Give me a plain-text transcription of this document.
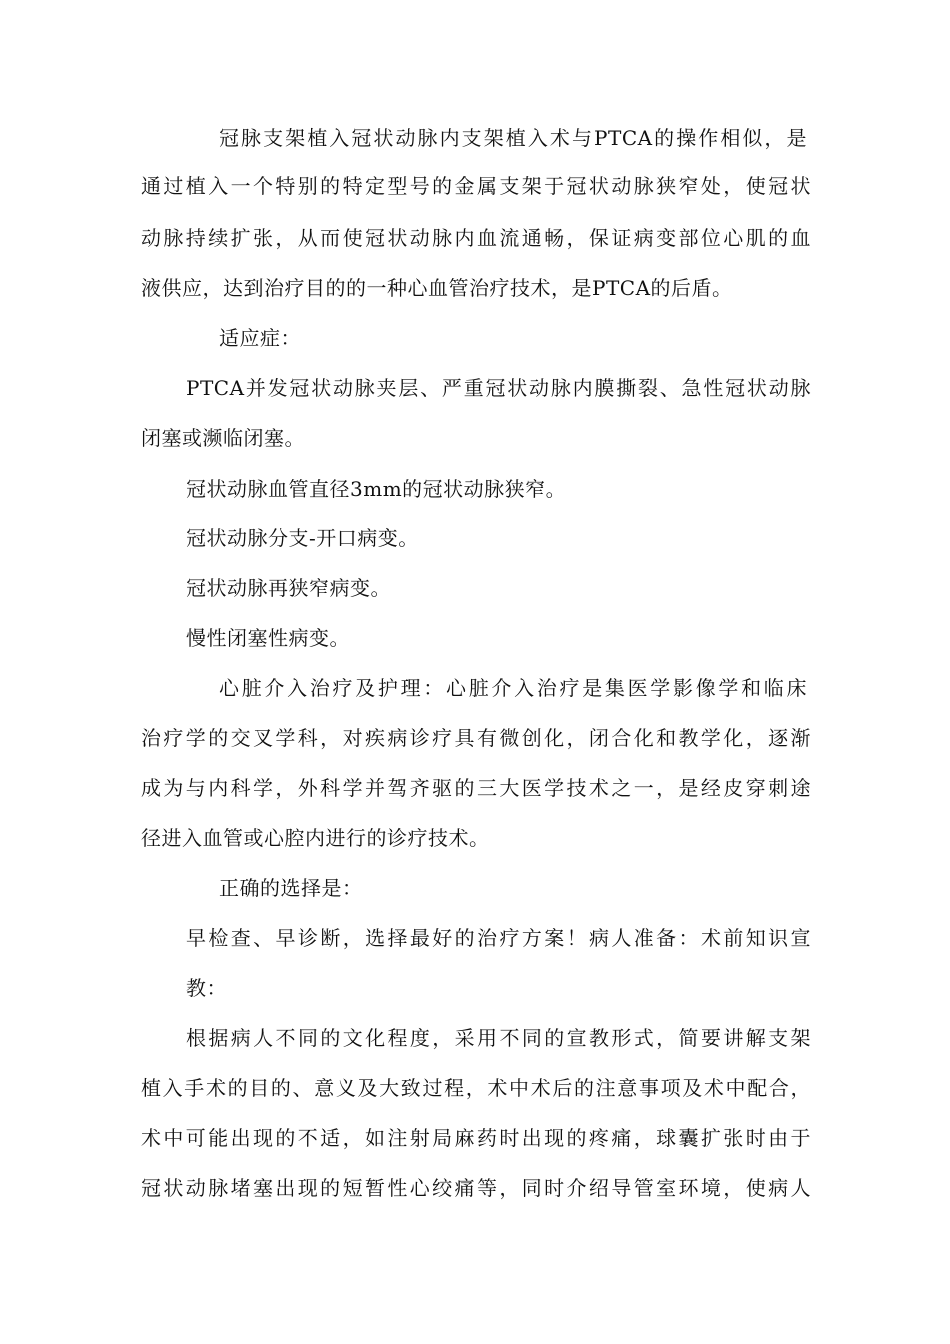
冠脉支架植入冠状动脉内支架植入术与PTCA的操作相似，是
通过植入一个特别的特定型号的金属支架于冠状动脉狭窄处，使冠状
动脉持续扩张，从而使冠状动脉内血流通畅，保证病变部位心肌的血
液供应，达到治疗目的的一种心血管治疗技术，是PTCA的后盾。
适应症：
PTCA并发冠状动脉夹层、严重冠状动脉内膜撕裂、急性冠状动脉
闭塞或濒临闭塞。
冠状动脉血管直径3mm的冠状动脉狭窄。
冠状动脉分支-开口病变。
冠状动脉再狭窄病变。
慢性闭塞性病变。
心脏介入治疗及护理：心脏介入治疗是集医学影像学和临床
治疗学的交叉学科，对疾病诊疗具有微创化，闭合化和教学化，逐渐
成为与内科学，外科学并驾齐驱的三大医学技术之一，是经皮穿刺途
径进入血管或心腔内进行的诊疗技术。
正确的选择是：
早检查、早诊断，选择最好的治疗方案！病人准备：术前知识宣
教：
根据病人不同的文化程度，采用不同的宣教形式，简要讲解支架
植入手术的目的、意义及大致过程，术中术后的注意事项及术中配合，
术中可能出现的不适，如注射局麻药时出现的疼痛，球囊扩张时由于
冠状动脉堵塞出现的短暂性心绞痛等，同时介绍导管室环境，使病人
